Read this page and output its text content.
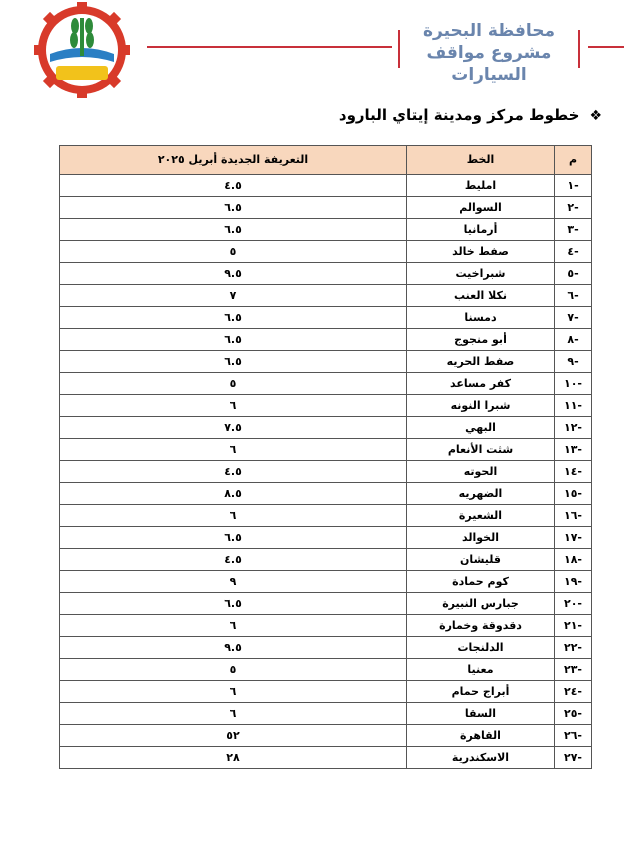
محافظة البحيرة
مشروع مواقف السيارات
❖خطوط مركز ومدينة إيتاي البارود
م	الخط	التعريفة الجديدة أبريل ٢٠٢٥
-١	امليط	٤.٥
-٢	السوالم	٦.٥
-٣	أرمانيا	٦.٥
-٤	صفط خالد	٥
-٥	شبراخيت	٩.٥
-٦	نكلا العنب	٧
-٧	دمسنا	٦.٥
-٨	أبو منجوج	٦.٥
-٩	صفط الحريه	٦.٥
-١٠	كفر مساعد	٥
-١١	شبرا النونه	٦
-١٢	البهي	٧.٥
-١٣	شثت الأنعام	٦
-١٤	الحوته	٤.٥
-١٥	الضهريه	٨.٥
-١٦	الشعيرة	٦
-١٧	الخوالد	٦.٥
-١٨	قليشان	٤.٥
-١٩	كوم حمادة	٩
-٢٠	جبارس النبيرة	٦.٥
-٢١	دقدوقة وخمارة	٦
-٢٢	الدلنجات	٩.٥
-٢٣	معنيا	٥
-٢٤	أبراج حمام	٦
-٢٥	السقا	٦
-٢٦	القاهرة	٥٢
-٢٧	الاسكندرية	٢٨
